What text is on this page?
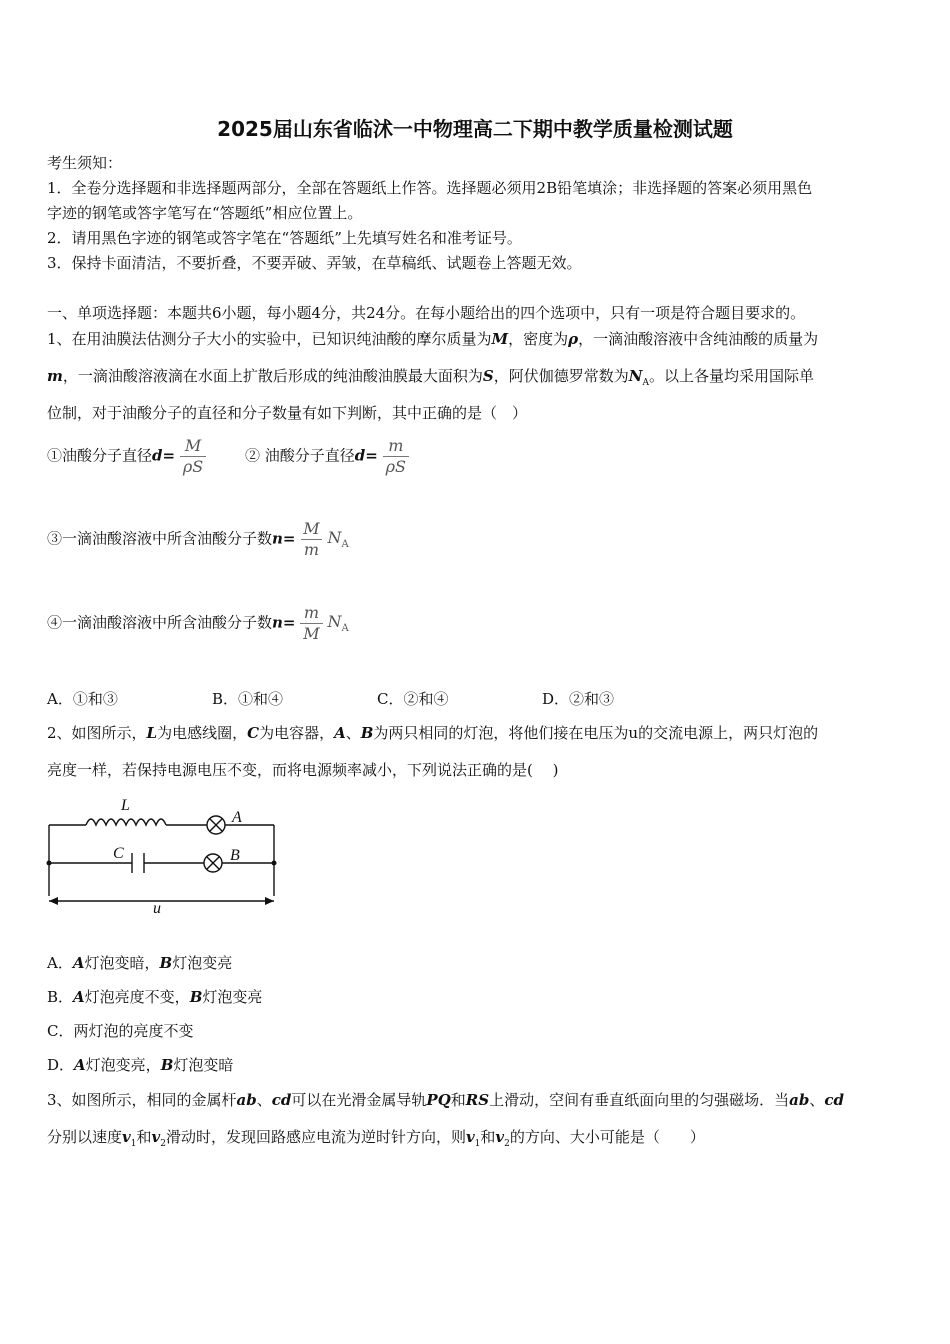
2025届山东省临沭一中物理高二下期中教学质量检测试题
考生须知：
1．全卷分选择题和非选择题两部分，全部在答题纸上作答。选择题必须用2B铅笔填涂；非选择题的答案必须用黑色
字迹的钢笔或答字笔写在“答题纸”相应位置上。
2．请用黑色字迹的钢笔或答字笔在“答题纸”上先填写姓名和准考证号。
3．保持卡面清洁，不要折叠，不要弄破、弄皱，在草稿纸、试题卷上答题无效。
一、单项选择题：本题共6小题，每小题4分，共24分。在每小题给出的四个选项中，只有一项是符合题目要求的。
1、在用油膜法估测分子大小的实验中，已知识纯油酸的摩尔质量为M，密度为ρ，一滴油酸溶液中含纯油酸的质量为
m，一滴油酸溶液滴在水面上扩散后形成的纯油酸油膜最大面积为S，阿伏伽德罗常数为$N_A$。以上各量均采用国际单
位制，对于油酸分子的直径和分子数量有如下判断，其中正确的是（　）
①油酸分子直径$d= \frac{M}{\rho S}$	② 油酸分子直径$d= \frac{m}{\rho S}$
③一滴油酸溶液中所含油酸分子数$n= \frac{M}{m} N_A$
④一滴油酸溶液中所含油酸分子数$n= \frac{m}{M} N_A$
A．①和③	B．①和④	C．②和④	D．②和③
2、如图所示，L为电感线圈，C为电容器，A、B为两只相同的灯泡，将他们接在电压为u的交流电源上，两只灯泡的
亮度一样，若保持电源电压不变，而将电源频率减小，下列说法正确的是(　 )
L
A
C	B
u
A．A灯泡变暗，B灯泡变亮
B．A灯泡亮度不变，B灯泡变亮
C．两灯泡的亮度不变
D．A灯泡变亮，B灯泡变暗
3、如图所示，相同的金属杆ab、cd可以在光滑金属导轨PQ和RS上滑动，空间有垂直纸面向里的匀强磁场．当ab、cd
分别以速度$v_1$和$v_2$滑动时，发现回路感应电流为逆时针方向，则$v_1$和$v_2$的方向、大小可能是（　　）
